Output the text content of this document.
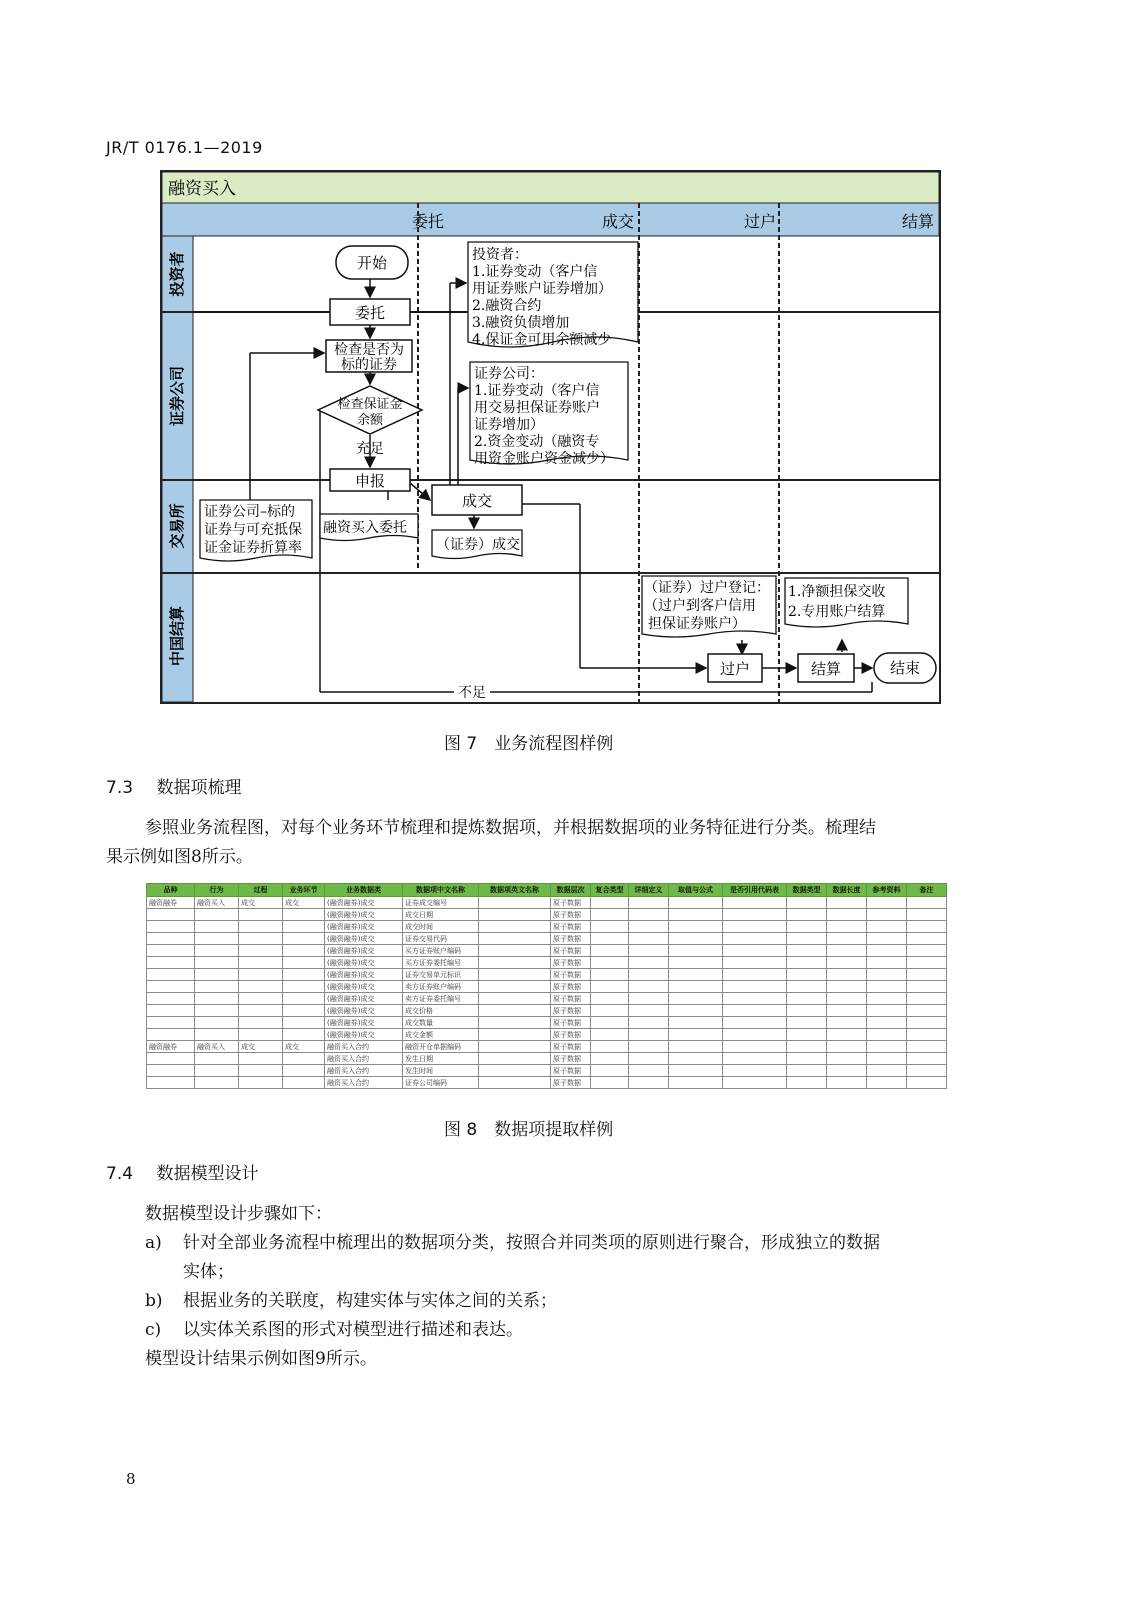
JR/T 0176.1—2019
融资买入
委托	成交	过户	结算
投资者
证券公司
交易所
中国结算
开始
委托
检查是否为
标的证券
检查保证金
余额
充足
申报
成交
过户	结算	结束
不足
投资者：
1.证券变动（客户信
用证券账户证券增加）
2.融资合约
3.融资负债增加
4.保证金可用余额减少
证券公司：
1.证券变动（客户信
用交易担保证券账户
证券增加）
2.资金变动（融资专
用资金账户资金减少）
证券公司–标的
证券与可充抵保
证金证券折算率
融资买入委托
（证券）成交
（证券）过户登记：
（过户到客户信用
担保证券账户）
1.净额担保交收
2.专用账户结算
图 7　业务流程图样例
7.3 数据项梳理
参照业务流程图，对每个业务环节梳理和提炼数据项，并根据数据项的业务特征进行分类。梳理结
果示例如图8所示。
品种	行为	过程	业务环节	业务数据类	数据项中文名称	数据项英文名称	数据层次	复合类型	详细定义	取值与公式	是否引用代码表	数据类型	数据长度	参考资料	备注
融资融券	融资买入	成交	成交	(融资融券)成交	证券成交编号		原子数据								
				(融资融券)成交	成交日期		原子数据								
				(融资融券)成交	成交时间		原子数据								
				(融资融券)成交	证券交易代码		原子数据								
				(融资融券)成交	买方证券账户编码		原子数据								
				(融资融券)成交	买方证券委托编号		原子数据								
				(融资融券)成交	证券交易单元标识		原子数据								
				(融资融券)成交	卖方证券账户编码		原子数据								
				(融资融券)成交	卖方证券委托编号		原子数据								
				(融资融券)成交	成交价格		原子数据								
				(融资融券)成交	成交数量		原子数据								
				(融资融券)成交	成交金额		原子数据								
融资融券	融资买入	成交	成交	融资买入合约	融资开仓单据编码		原子数据								
				融资买入合约	发生日期		原子数据								
				融资买入合约	发生时间		原子数据								
				融资买入合约	证券公司编码		原子数据								
图 8　数据项提取样例
7.4 数据模型设计
数据模型设计步骤如下：
a) 针对全部业务流程中梳理出的数据项分类，按照合并同类项的原则进行聚合，形成独立的数据
实体；
b) 根据业务的关联度，构建实体与实体之间的关系；
c) 以实体关系图的形式对模型进行描述和表达。
模型设计结果示例如图9所示。
8
